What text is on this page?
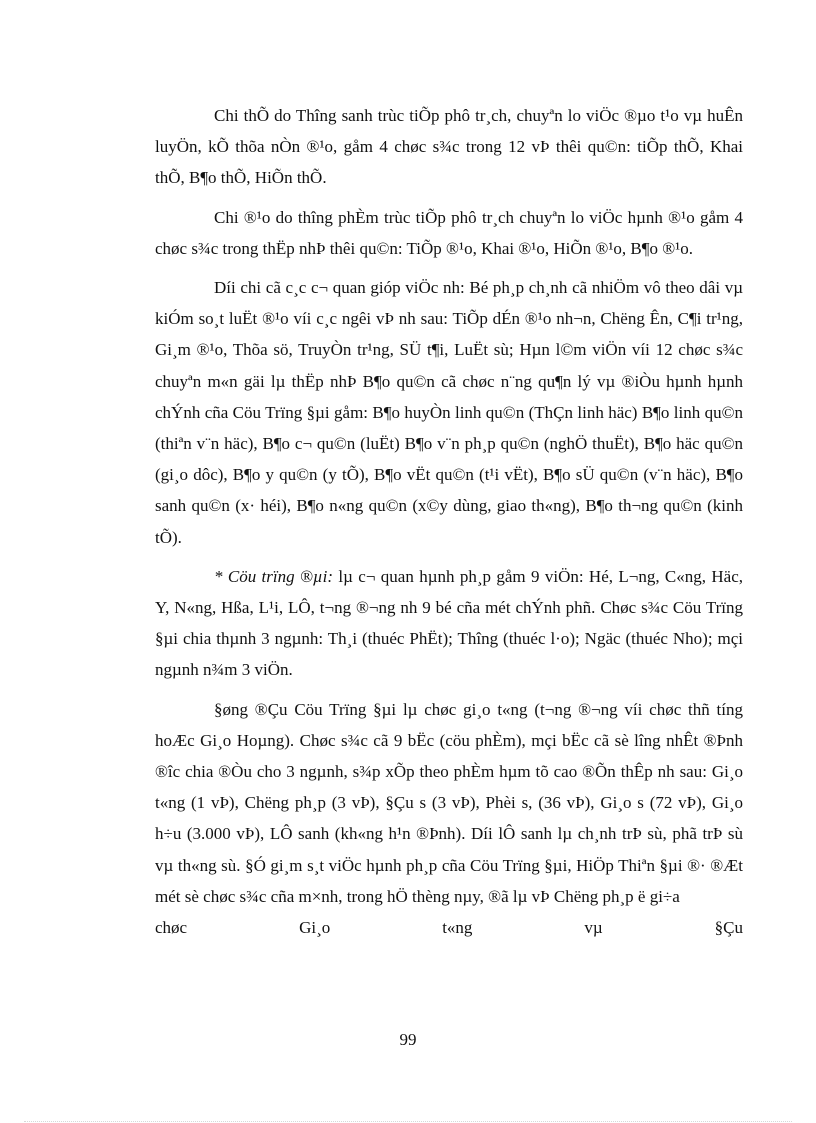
Chi thÕ do Thîng sanh trùc tiÕp phô tr¸ch, chuyªn lo viÖc ®µo t¹o vµ huÊn luyÖn, kÕ thõa nÒn ®¹o, gåm 4 chøc s¾c trong 12 vÞ thêi qu©n: tiÕp thÕ, Khai thÕ, B¶o thÕ, HiÕn thÕ.

Chi ®¹o do thîng phÈm trùc tiÕp phô tr¸ch chuyªn lo viÖc hµnh ®¹o gåm 4 chøc s¾c trong thËp nhÞ thêi qu©n: TiÕp ®¹o, Khai ®¹o, HiÕn ®¹o, B¶o ®¹o.

Díi chi cã c¸c c¬ quan gióp viÖc nh: Bé ph¸p ch¸nh cã nhiÖm vô theo dâi vµ kiÓm so¸t luËt ®¹o víi c¸c ngêi vÞ nh sau: TiÕp dÉn ®¹o nh¬n, Chëng Ên, C¶i tr¹ng, Gi¸m ®¹o, Thõa sö, TruyÒn tr¹ng, SÜ t¶i, LuËt sù; Hµn l©m viÖn víi 12 chøc s¾c chuyªn m«n gäi lµ thËp nhÞ B¶o qu©n cã chøc n¨ng qu¶n lý vµ ®iÒu hµnh hµnh chÝnh cña Cöu Trïng §µi gåm: B¶o huyÒn linh qu©n (ThÇn linh häc) B¶o linh qu©n (thiªn v¨n häc), B¶o c¬ qu©n (luËt) B¶o v¨n ph¸p qu©n (nghÖ thuËt), B¶o häc qu©n (gi¸o dôc), B¶o y qu©n (y tÕ), B¶o vËt qu©n (t¹i vËt), B¶o sÜ qu©n (v¨n häc), B¶o sanh qu©n (x· héi), B¶o n«ng qu©n (x©y dùng, giao th«ng), B¶o th¬ng qu©n (kinh tÕ).

* Cöu trïng ®µi: lµ c¬ quan hµnh ph¸p gåm 9 viÖn: Hé, L¬ng, C«ng, Häc, Y, N«ng, Hßa, L¹i, LÔ, t¬ng ®¬ng nh 9 bé cña mét chÝnh phñ. Chøc s¾c Cöu Trïng §µi chia thµnh 3 ngµnh: Th¸i (thuéc PhËt); Thîng (thuéc l·o); Ngäc (thuéc Nho); mçi ngµnh n¾m 3 viÖn.

§øng ®Çu Cöu Trïng §µi lµ chøc gi¸o t«ng (t¬ng ®¬ng víi chøc thñ tíng hoÆc Gi¸o Hoµng). Chøc s¾c cã 9 bËc (cöu phÈm), mçi bËc cã sè lîng nhÊt ®Þnh ®îc chia ®Òu cho 3 ngµnh, s¾p xÕp theo phÈm hµm tõ cao ®Õn thÊp nh sau: Gi¸o t«ng (1 vÞ), Chëng ph¸p (3 vÞ), §Çu s (3 vÞ), Phèi s, (36 vÞ), Gi¸o s (72 vÞ), Gi¸o h÷u (3.000 vÞ), LÔ sanh (kh«ng h¹n ®Þnh). Díi lÔ sanh lµ ch¸nh trÞ sù, phã trÞ sù vµ th«ng sù. §Ó gi¸m s¸t viÖc hµnh ph¸p cña Cöu Trïng §µi, HiÖp Thiªn §µi ®· ®Æt mét sè chøc s¾c cña m×nh, trong hÖ thèng nµy, ®ã lµ vÞ Chëng ph¸p ë gi÷a

chøc Gi¸o t«ng vµ §Çu

99
